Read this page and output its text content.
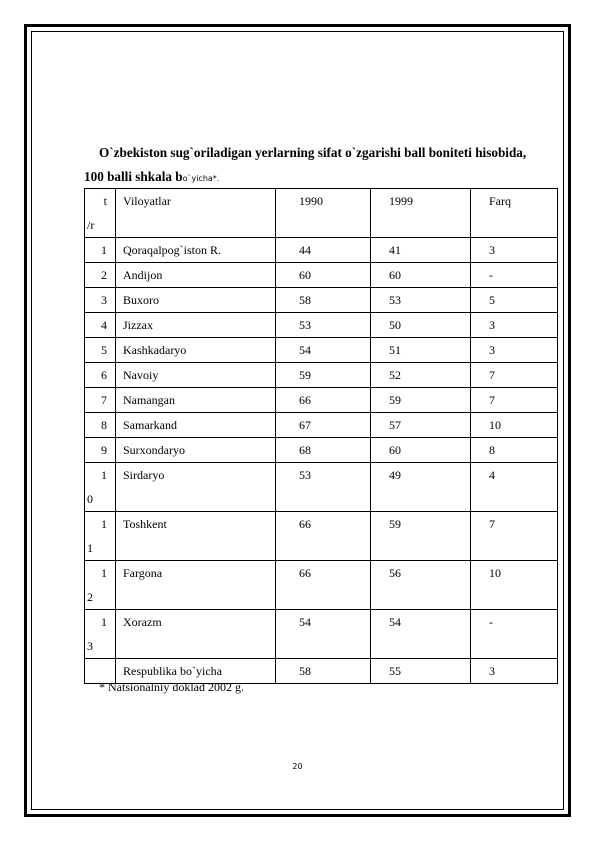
O`zbekiston sug`oriladigan yerlarning sifat o`zgarishi ball boniteti hisobida,
100 balli shkala bo`yicha*.
t
/r	Viloyatlar	1990	1999	Farq
1	Qoraqalpog`iston R.	44	41	3
2	Andijon	60	60	-
3	Buxoro	58	53	5
4	Jizzax	53	50	3
5	Kashkadaryo	54	51	3
6	Navoiy	59	52	7
7	Namangan	66	59	7
8	Samarkand	67	57	10
9	Surxondaryo	68	60	8

1
0	Sirdaryo	53	49	4

1
1	Toshkent	66	59	7

1
2	Fargona	66	56	10

1
3	Xorazm	54	54	-
	Respublika bo`yicha	58	55	3
* Natsionalniy doklad 2002 g.
20
